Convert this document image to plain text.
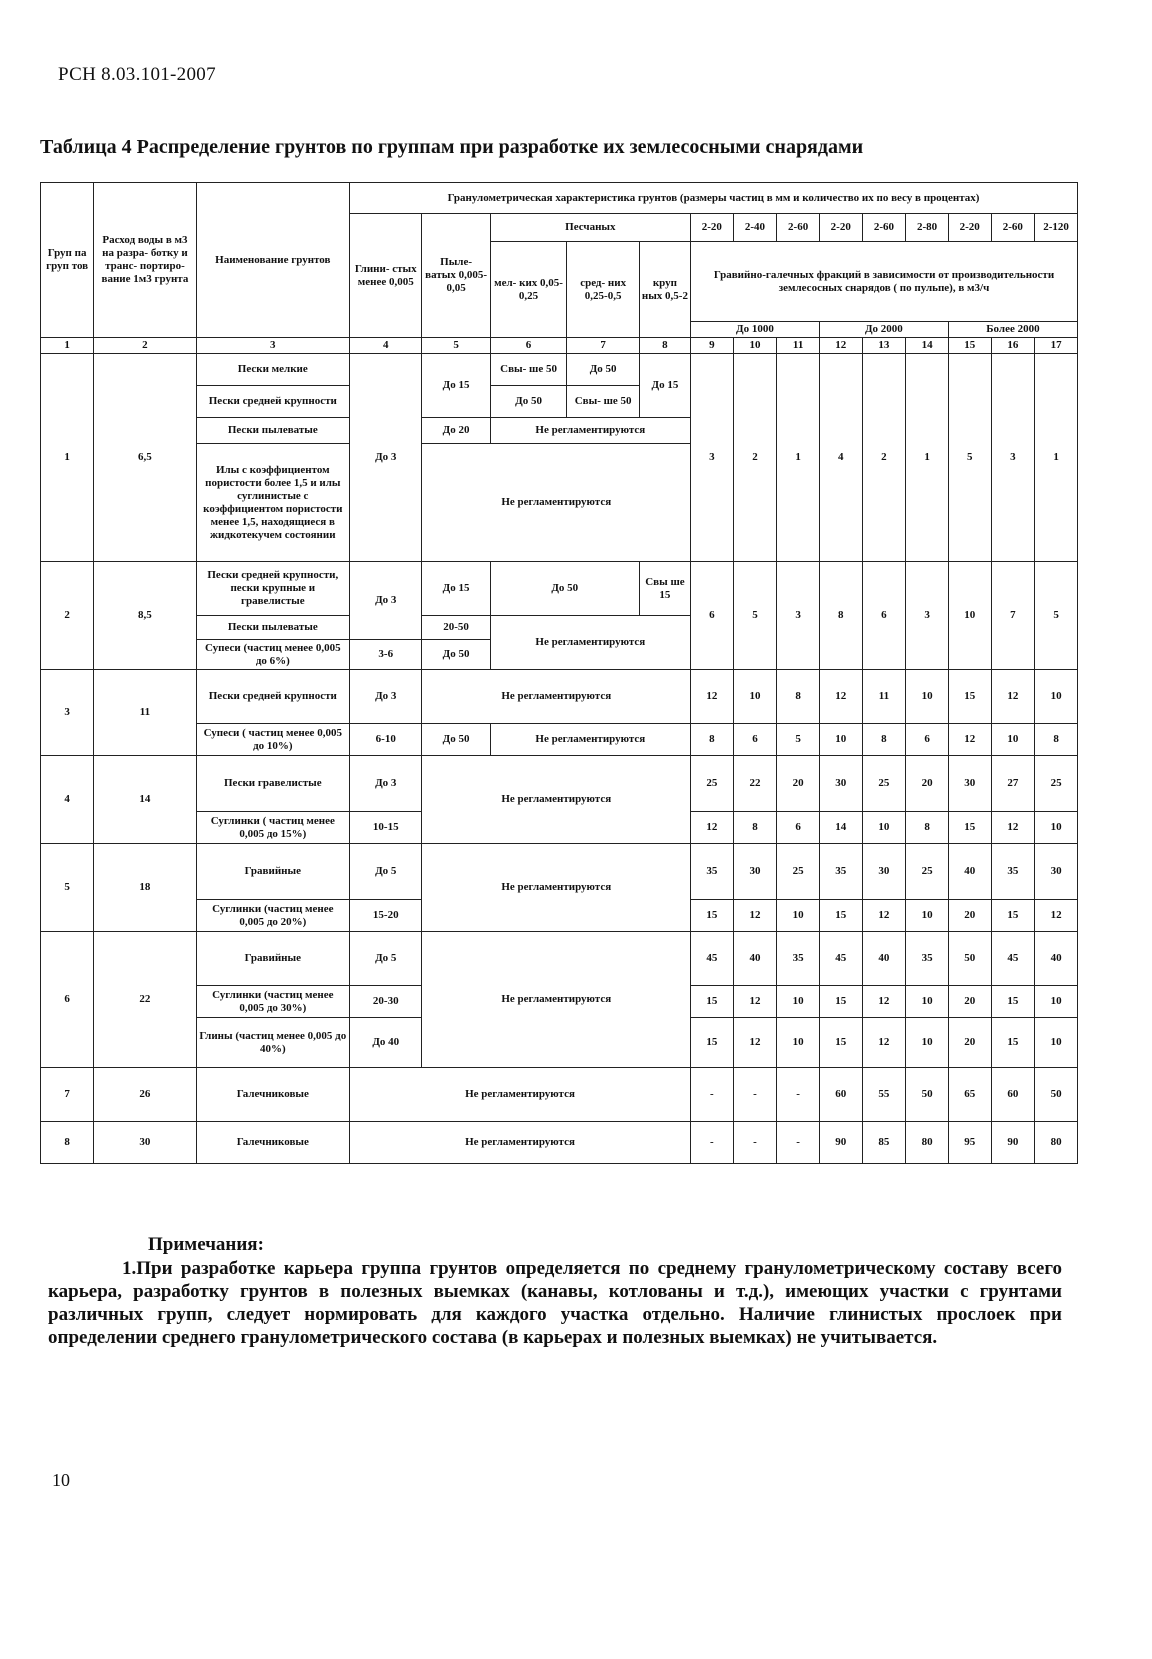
РСН 8.03.101-2007
Таблица 4 Распределение грунтов по группам при разработке их землесосными снарядами
Груп па груп тов	Расход воды в м3 на разра- ботку и транс- портиро- вание 1м3 грунта	Наименование грунтов	Гранулометрическая характеристика грунтов (размеры частиц в мм и количество их по весу в процентах)													
			Глини- стых менее 0,005	Пыле- ватых 0,005- 0,05	Песчаных			2-20	2-40	2-60	2-20	2-60	2-80	2-20	2-60	2-120
					мел- ких 0,05- 0,25	сред- них 0,25-0,5	круп ных 0,5-2	Гравийно-галечных фракций в зависимости от производительности землесосных снарядов ( по пульпе), в м3/ч								
								До 1000			До 2000			Более 2000		
1	2	3	4	5	6	7	8	9	10	11	12	13	14	15	16	17
1	6,5	Пески мелкие	До 3	До 15	Свы- ше 50	До 50	До 15	3	2	1	4	2	1	5	3	1
		Пески средней крупности			До 50	Свы- ше 50										
		Пески пылеватые		До 20	Не регламентируются											
		Илы с коэффициентом пористости более 1,5 и илы суглинистые с коэффициентом пористости менее 1,5, находящиеся в жидкотекучем состоянии		Не регламентируются												
2	8,5	Пески средней крупности, пески крупные и гравелистые	До 3	До 15	До 50		Свы ше 15	6	5	3	8	6	3	10	7	5
		Пески пылеватые		20-50	Не регламентируются											
		Супеси (частиц менее 0,005 до 6%)	3-6	До 50												
3	11	Пески средней крупности	До 3	Не регламентируются				12	10	8	12	11	10	15	12	10
		Супеси ( частиц менее 0,005 до 10%)	6-10	До 50	Не регламентируются			8	6	5	10	8	6	12	10	8
4	14	Пески гравелистые	До 3	Не регламентируются				25	22	20	30	25	20	30	27	25
		Суглинки ( частиц менее 0,005 до 15%)	10-15					12	8	6	14	10	8	15	12	10
5	18	Гравийные	До 5	Не регламентируются				35	30	25	35	30	25	40	35	30
		Суглинки (частиц менее 0,005 до 20%)	15-20					15	12	10	15	12	10	20	15	12
6	22	Гравийные	До 5	Не регламентируются				45	40	35	45	40	35	50	45	40
		Суглинки (частиц менее 0,005 до 30%)	20-30					15	12	10	15	12	10	20	15	10
		Глины (частиц менее 0,005 до 40%)	До 40					15	12	10	15	12	10	20	15	10
7	26	Галечниковые	Не регламентируются					-	-	-	60	55	50	65	60	50
8	30	Галечниковые	Не регламентируются					-	-	-	90	85	80	95	90	80
Примечания:

1.При разработке карьера группа грунтов определяется по среднему гранулометрическому составу всего карьера, разработку грунтов в полезных выемках (канавы, котлованы и т.д.), имеющих участки с грунтами различных групп, следует нормировать для каждого участка отдельно. Наличие глинистых прослоек при определении среднего гранулометрического состава (в карьерах и полезных выемках) не учитывается.

10
